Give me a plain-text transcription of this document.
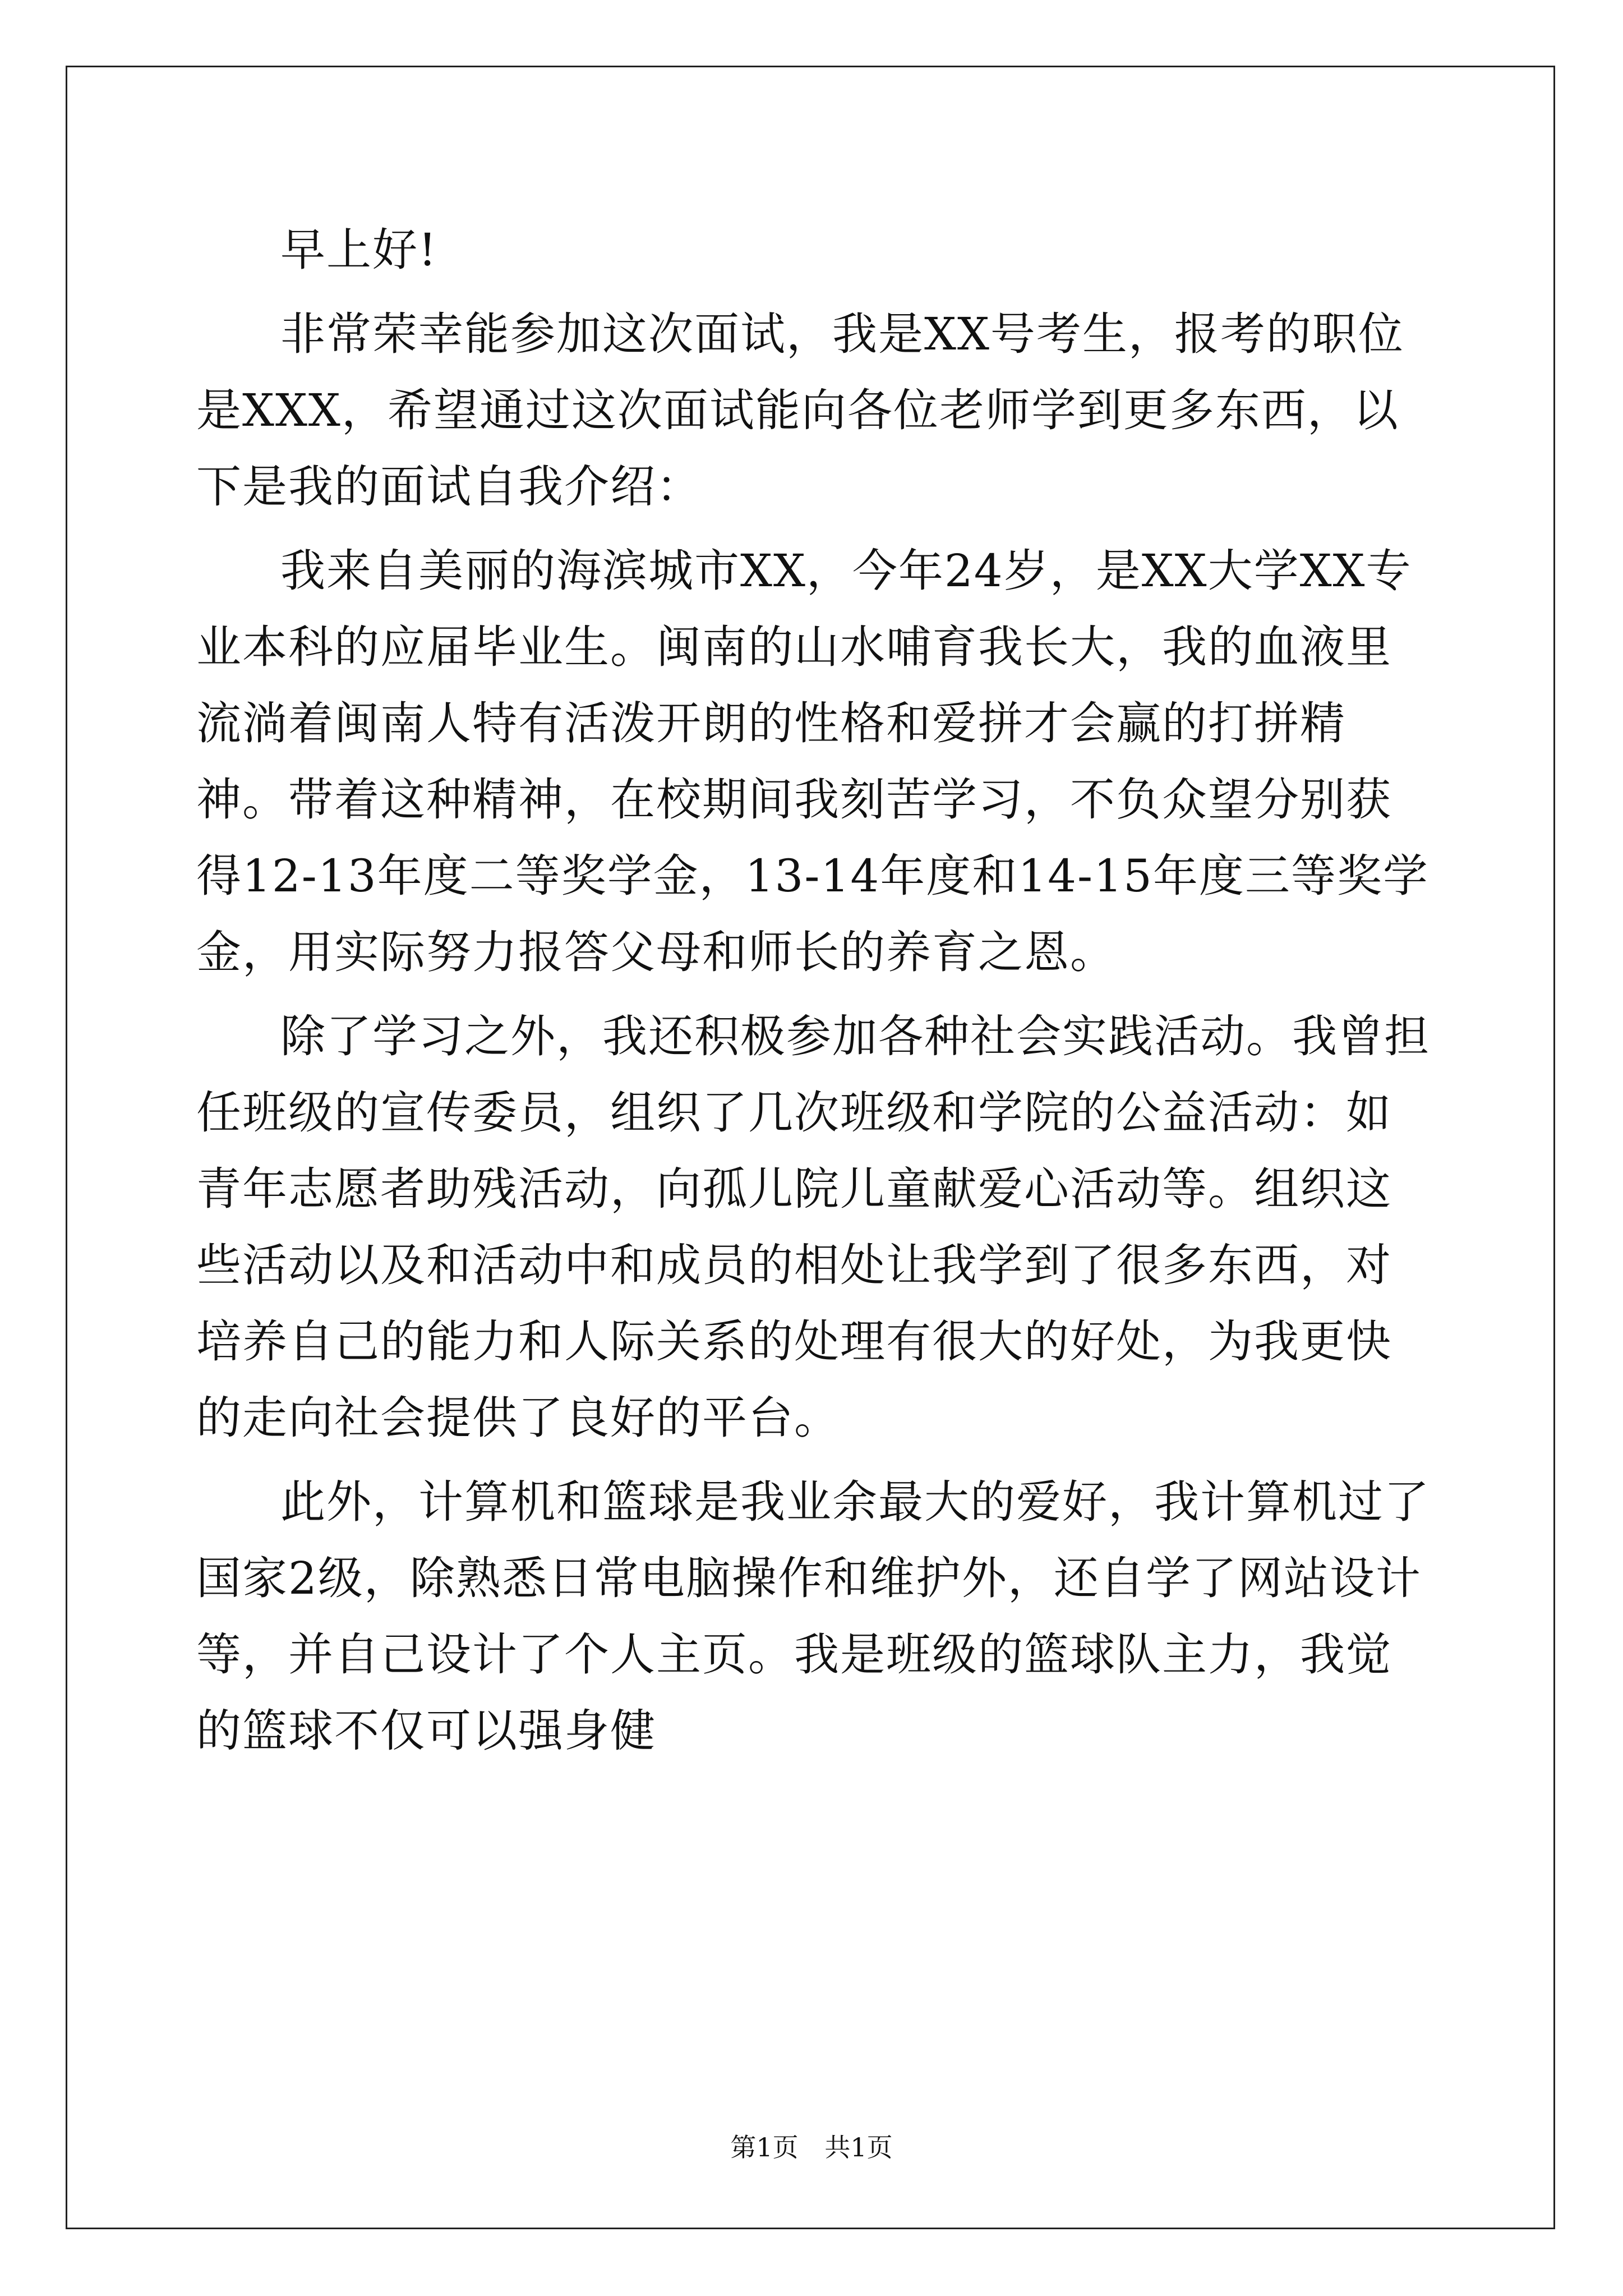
早上好!

非常荣幸能参加这次面试，我是XX号考生，报考的职位是XXX，希望通过这次面试能向各位老师学到更多东西，以下是我的面试自我介绍：

我来自美丽的海滨城市XX，今年24岁，是XX大学XX专业本科的应届毕业生。闽南的山水哺育我长大，我的血液里流淌着闽南人特有活泼开朗的性格和爱拼才会赢的打拼精神。带着这种精神，在校期间我刻苦学习，不负众望分别获得12-13年度二等奖学金，13-14年度和14-15年度三等奖学金，用实际努力报答父母和师长的养育之恩。

除了学习之外，我还积极参加各种社会实践活动。我曾担任班级的宣传委员，组织了几次班级和学院的公益活动：如青年志愿者助残活动，向孤儿院儿童献爱心活动等。组织这些活动以及和活动中和成员的相处让我学到了很多东西，对培养自己的能力和人际关系的处理有很大的好处，为我更快的走向社会提供了良好的平台。

此外，计算机和篮球是我业余最大的爱好，我计算机过了国家2级，除熟悉日常电脑操作和维护外，还自学了网站设计等，并自己设计了个人主页。我是班级的篮球队主力，我觉的篮球不仅可以强身健

第1页 共1页
